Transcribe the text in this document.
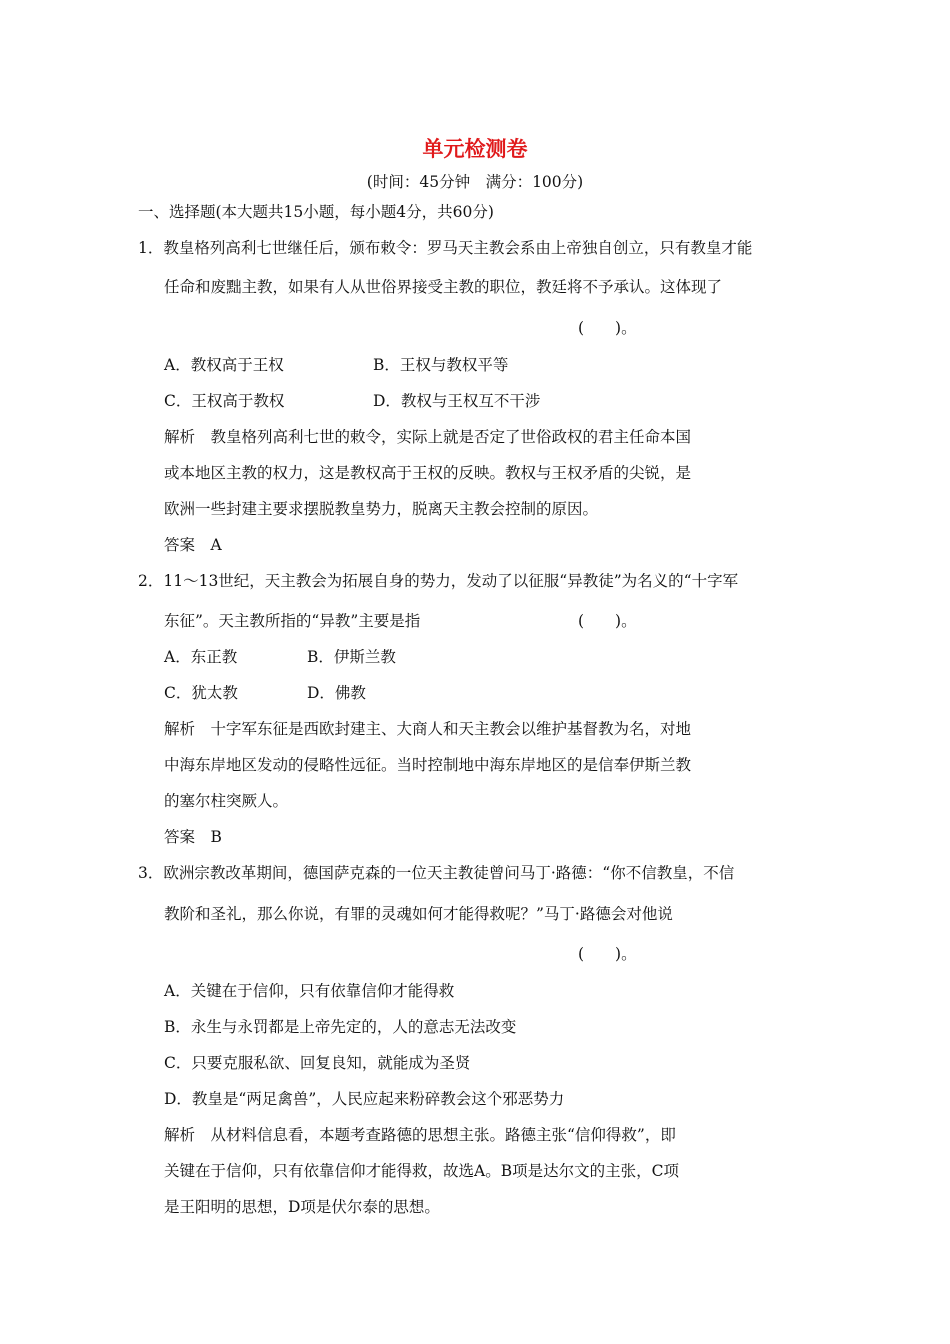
单元检测卷
(时间：45分钟　满分：100分)
一、选择题(本大题共15小题，每小题4分，共60分)
1．教皇格列高利七世继任后，颁布敕令：罗马天主教会系由上帝独自创立，只有教皇才能
任命和废黜主教，如果有人从世俗界接受主教的职位，教廷将不予承认。这体现了
(　　)。
A．教权高于王权	B．王权与教权平等
C．王权高于教权	D．教权与王权互不干涉
解析　教皇格列高利七世的敕令，实际上就是否定了世俗政权的君主任命本国
或本地区主教的权力，这是教权高于王权的反映。教权与王权矛盾的尖锐，是
欧洲一些封建主要求摆脱教皇势力，脱离天主教会控制的原因。
答案　A
2．11～13世纪，天主教会为拓展自身的势力，发动了以征服“异教徒”为名义的“十字军
东征”。天主教所指的“异教”主要是指	(　　)。
A．东正教	B．伊斯兰教
C．犹太教	D．佛教
解析　十字军东征是西欧封建主、大商人和天主教会以维护基督教为名，对地
中海东岸地区发动的侵略性远征。当时控制地中海东岸地区的是信奉伊斯兰教
的塞尔柱突厥人。
答案　B
3．欧洲宗教改革期间，德国萨克森的一位天主教徒曾问马丁·路德：“你不信教皇，不信
教阶和圣礼，那么你说，有罪的灵魂如何才能得救呢？”马丁·路德会对他说
(　　)。
A．关键在于信仰，只有依靠信仰才能得救
B．永生与永罚都是上帝先定的，人的意志无法改变
C．只要克服私欲、回复良知，就能成为圣贤
D．教皇是“两足禽兽”，人民应起来粉碎教会这个邪恶势力
解析　从材料信息看，本题考查路德的思想主张。路德主张“信仰得救”，即
关键在于信仰，只有依靠信仰才能得救，故选A。B项是达尔文的主张，C项
是王阳明的思想，D项是伏尔泰的思想。
